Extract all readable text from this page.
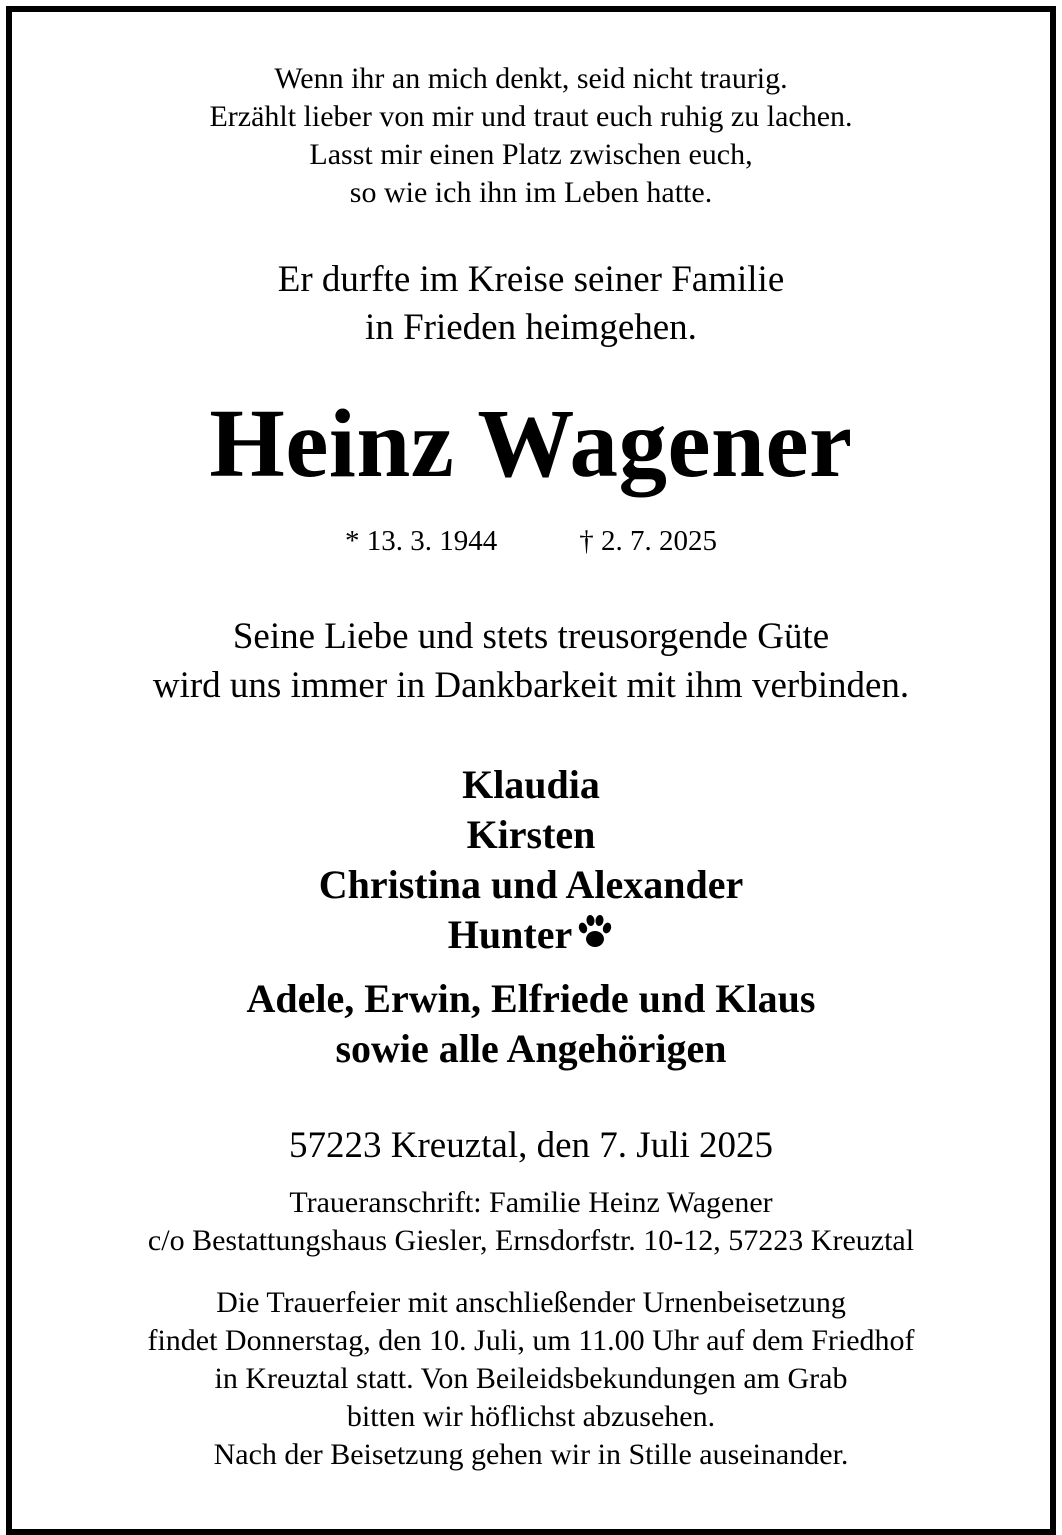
Wenn ihr an mich denkt, seid nicht traurig.
Erzählt lieber von mir und traut euch ruhig zu lachen.
Lasst mir einen Platz zwischen euch,
so wie ich ihn im Leben hatte.
Er durfte im Kreise seiner Familie
in Frieden heimgehen.
Heinz Wagener
* 13. 3. 1944	† 2. 7. 2025
Seine Liebe und stets treusorgende Güte
wird uns immer in Dankbarkeit mit ihm verbinden.
Klaudia
Kirsten
Christina und Alexander
Hunter
Adele, Erwin, Elfriede und Klaus
sowie alle Angehörigen
57223 Kreuztal, den 7. Juli 2025
Traueranschrift: Familie Heinz Wagener
c/o Bestattungshaus Giesler, Ernsdorfstr. 10-12, 57223 Kreuztal
Die Trauerfeier mit anschließender Urnenbeisetzung
findet Donnerstag, den 10. Juli, um 11.00 Uhr auf dem Friedhof
in Kreuztal statt. Von Beileidsbekundungen am Grab
bitten wir höflichst abzusehen.
Nach der Beisetzung gehen wir in Stille auseinander.
